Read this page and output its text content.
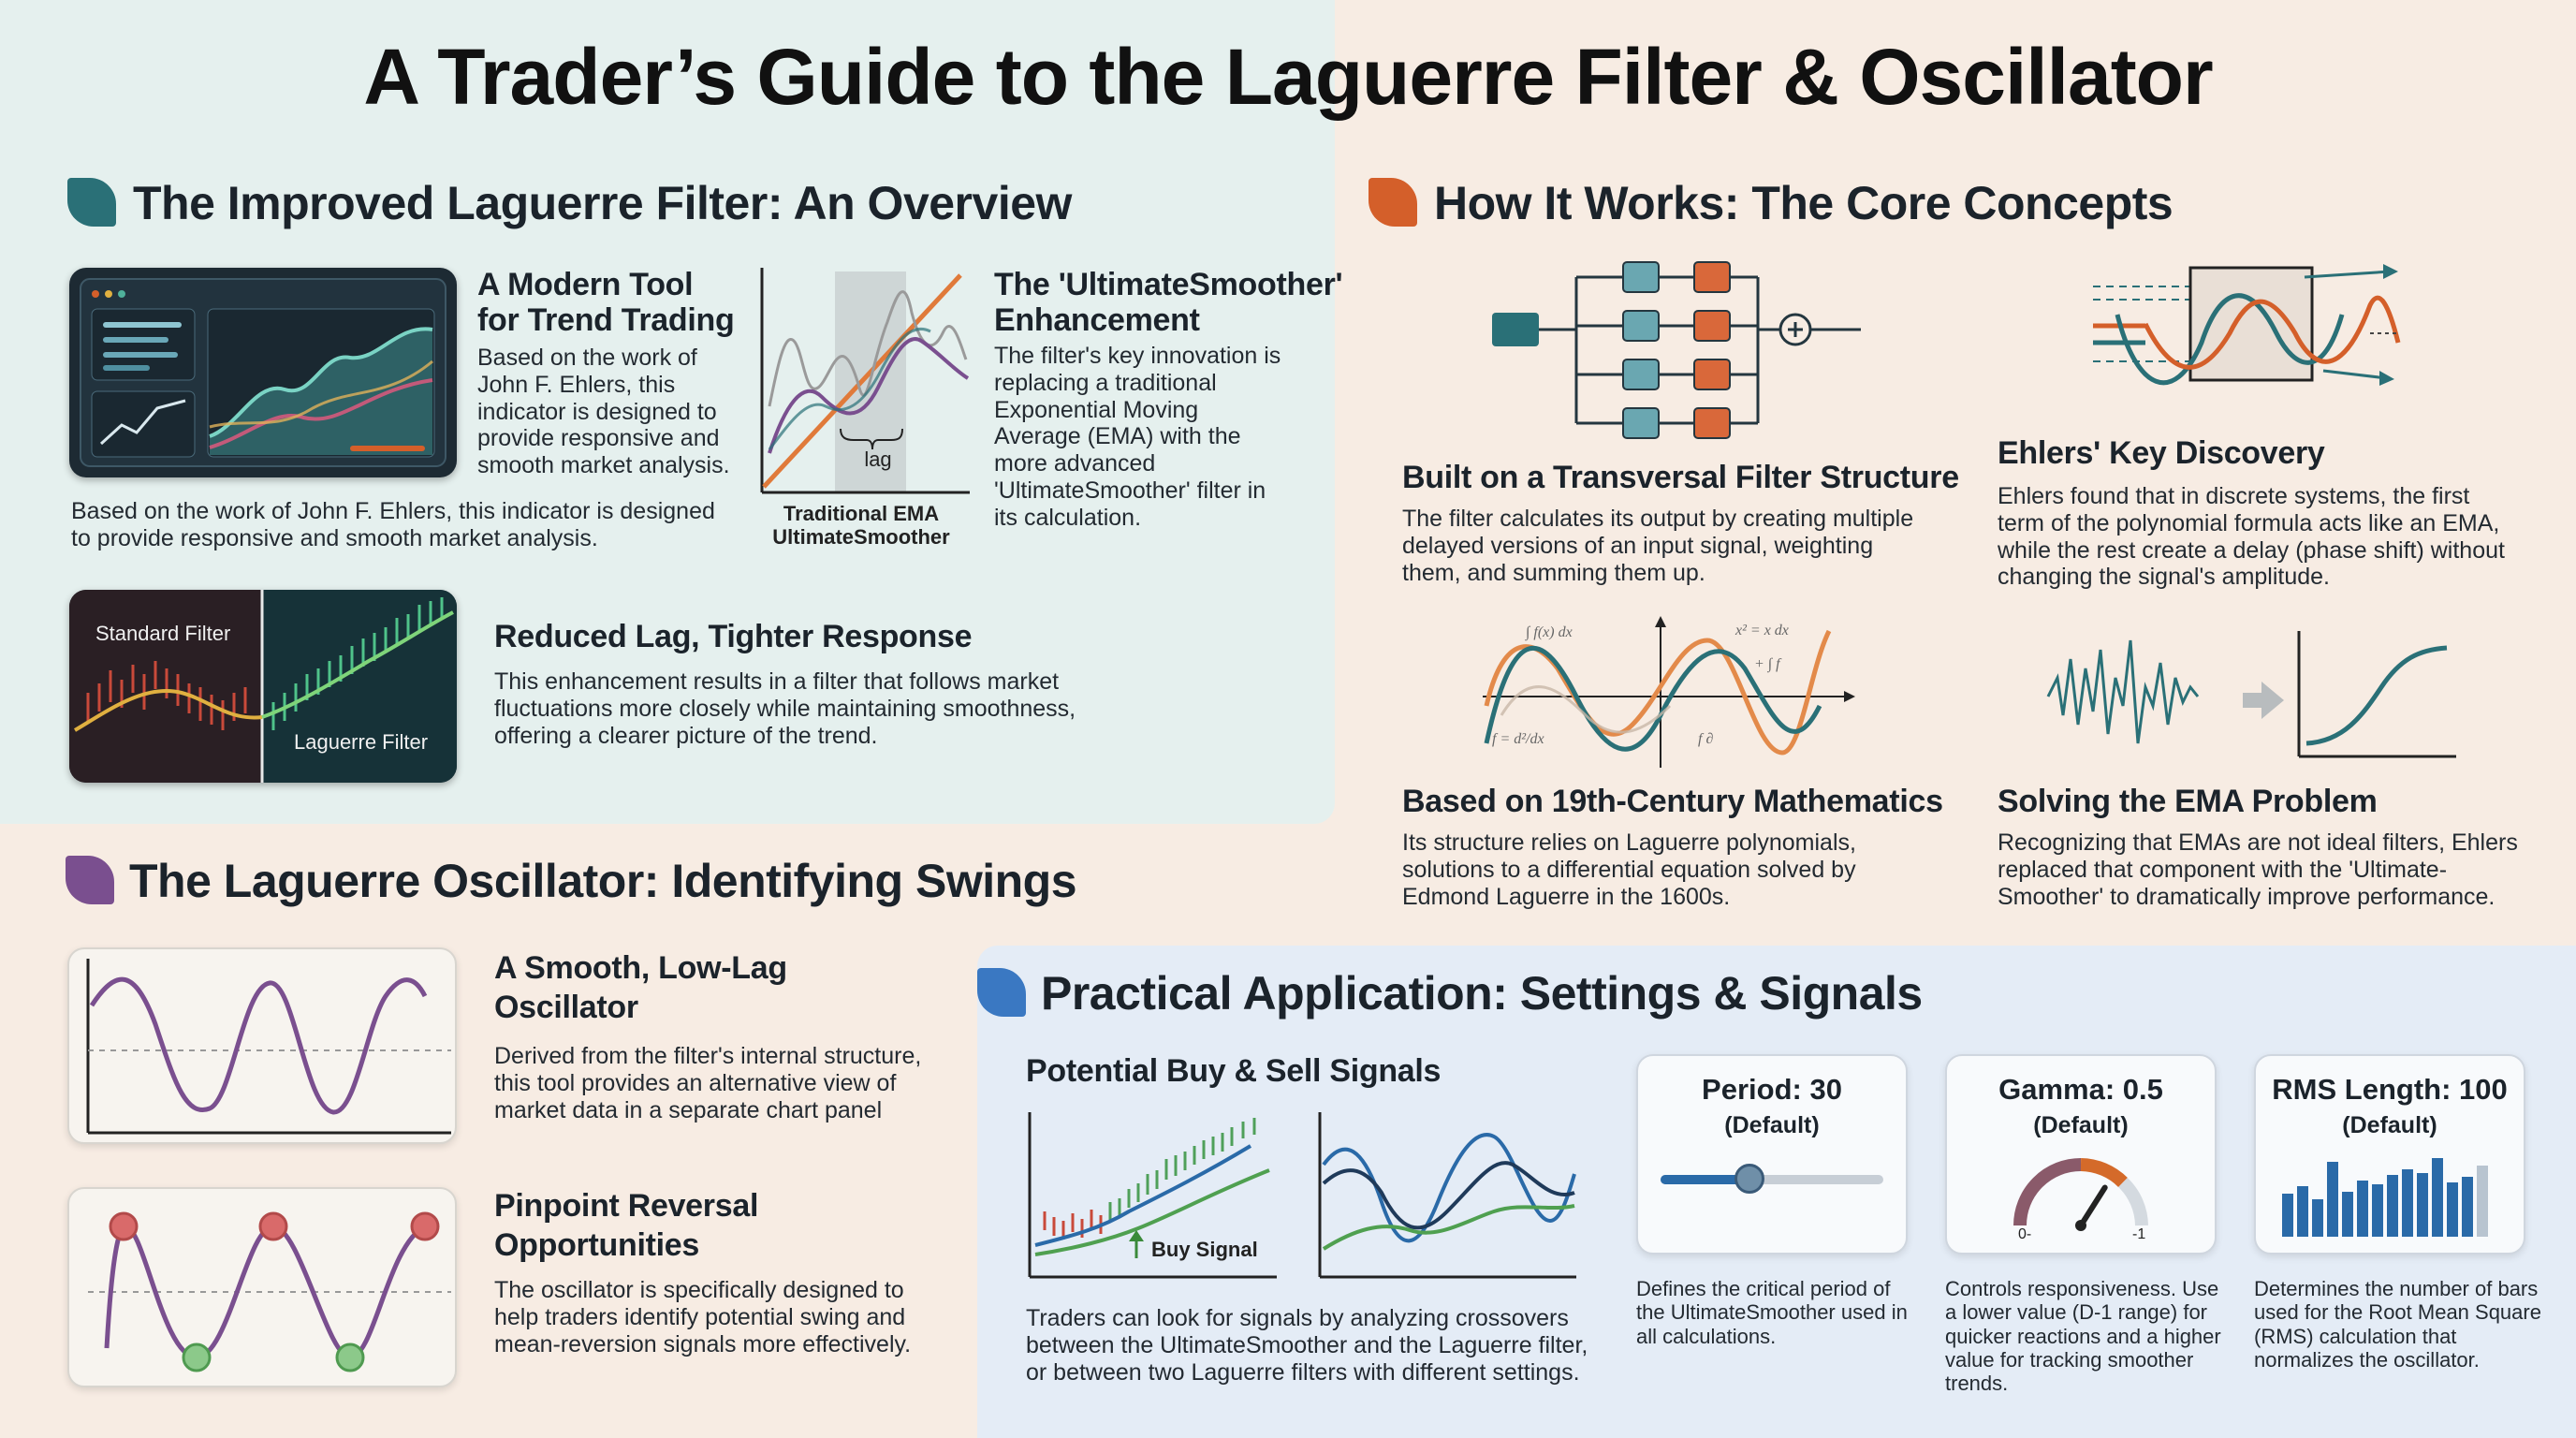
A Trader’s Guide to the Laguerre Filter & Oscillator
The Improved Laguerre Filter: An Overview
A Modern Tool
for Trend Trading
Based on the work of John F. Ehlers, this indicator is designed to provide responsive and smooth market analysis.
Based on the work of John F. Ehlers, this indicator is designed to provide responsive and smooth market analysis.
lag
Traditional EMA
UltimateSmoother
The 'UltimateSmoother'
Enhancement
The filter's key innovation is replacing a traditional Exponential Moving Average (EMA) with the more advanced 'UltimateSmoother' filter in its calculation.
Standard Filter
Laguerre Filter
Reduced Lag, Tighter Response
This enhancement results in a filter that follows market fluctuations more closely while maintaining smoothness, offering a clearer picture of the trend.
How It Works: The Core Concepts
Built on a Transversal Filter Structure
The filter calculates its output by creating multiple delayed versions of an input signal, weighting them, and summing them up.
Ehlers' Key Discovery
Ehlers found that in discrete systems, the first term of the polynomial formula acts like an EMA, while the rest create a delay (phase shift) without changing the signal's amplitude.
∫ f(x) dx	x² = x dx
+ ∫ f
f = d²/dx	f ∂
Based on 19th-Century Mathematics
Its structure relies on Laguerre polynomials, solutions to a differential equation solved by Edmond Laguerre in the 1600s.
Solving the EMA Problem
Recognizing that EMAs are not ideal filters, Ehlers replaced that component with the 'Ultimate-Smoother' to dramatically improve performance.
The Laguerre Oscillator: Identifying Swings
A Smooth, Low-Lag
Oscillator
Derived from the filter's internal structure, this tool provides an alternative view of market data in a separate chart panel
Pinpoint Reversal
Opportunities
The oscillator is specifically designed to help traders identify potential swing and mean-reversion signals more effectively.
Practical Application: Settings & Signals
Potential Buy & Sell Signals
Buy Signal
Traders can look for signals by analyzing crossovers between the UltimateSmoother and the Laguerre filter, or between two Laguerre filters with different settings.
Period: 30
(Default)
Defines the critical period of the UltimateSmoother used in all calculations.
Gamma: 0.5
(Default)
0-	-1
Controls responsiveness. Use a lower value (D-1 range) for quicker reactions and a higher value for tracking smoother trends.
RMS Length: 100
(Default)
Determines the number of bars used for the Root Mean Square (RMS) calculation that normalizes the oscillator.
